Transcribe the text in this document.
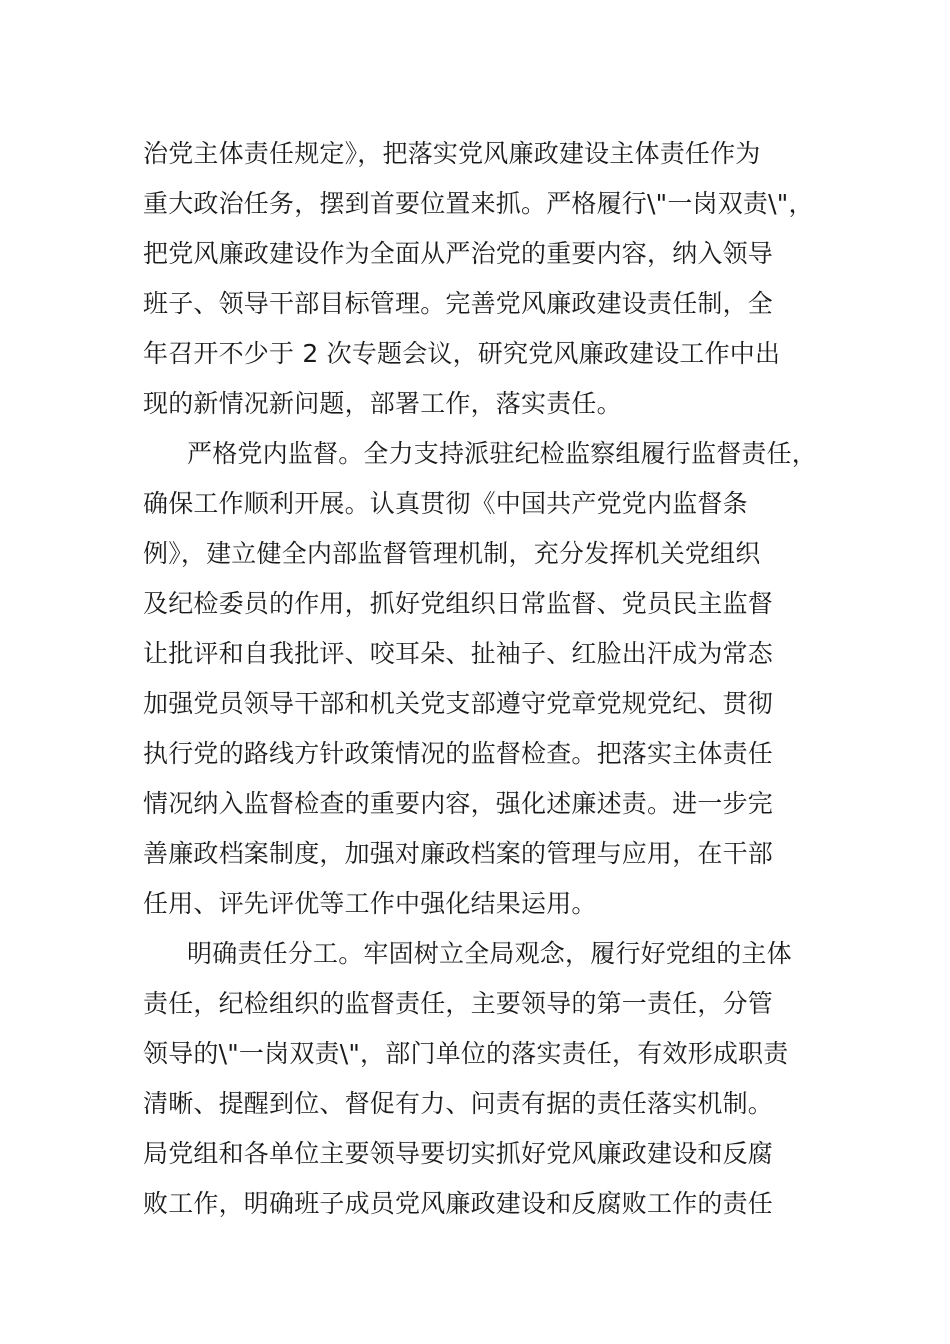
治党主体责任规定》，把落实党风廉政建设主体责任作为
重大政治任务，摆到首要位置来抓。严格履行\"一岗双责\"，
把党风廉政建设作为全面从严治党的重要内容，纳入领导
班子、领导干部目标管理。完善党风廉政建设责任制，全
年召开不少于 2 次专题会议，研究党风廉政建设工作中出
现的新情况新问题，部署工作，落实责任。
严格党内监督。全力支持派驻纪检监察组履行监督责任，
确保工作顺利开展。认真贯彻《中国共产党党内监督条
例》，建立健全内部监督管理机制，充分发挥机关党组织
及纪检委员的作用，抓好党组织日常监督、党员民主监督
让批评和自我批评、咬耳朵、扯袖子、红脸出汗成为常态
加强党员领导干部和机关党支部遵守党章党规党纪、贯彻
执行党的路线方针政策情况的监督检查。把落实主体责任
情况纳入监督检查的重要内容，强化述廉述责。进一步完
善廉政档案制度，加强对廉政档案的管理与应用，在干部
任用、评先评优等工作中强化结果运用。
明确责任分工。牢固树立全局观念，履行好党组的主体
责任，纪检组织的监督责任，主要领导的第一责任，分管
领导的\"一岗双责\"，部门单位的落实责任，有效形成职责
清晰、提醒到位、督促有力、问责有据的责任落实机制。
局党组和各单位主要领导要切实抓好党风廉政建设和反腐
败工作，明确班子成员党风廉政建设和反腐败工作的责任
